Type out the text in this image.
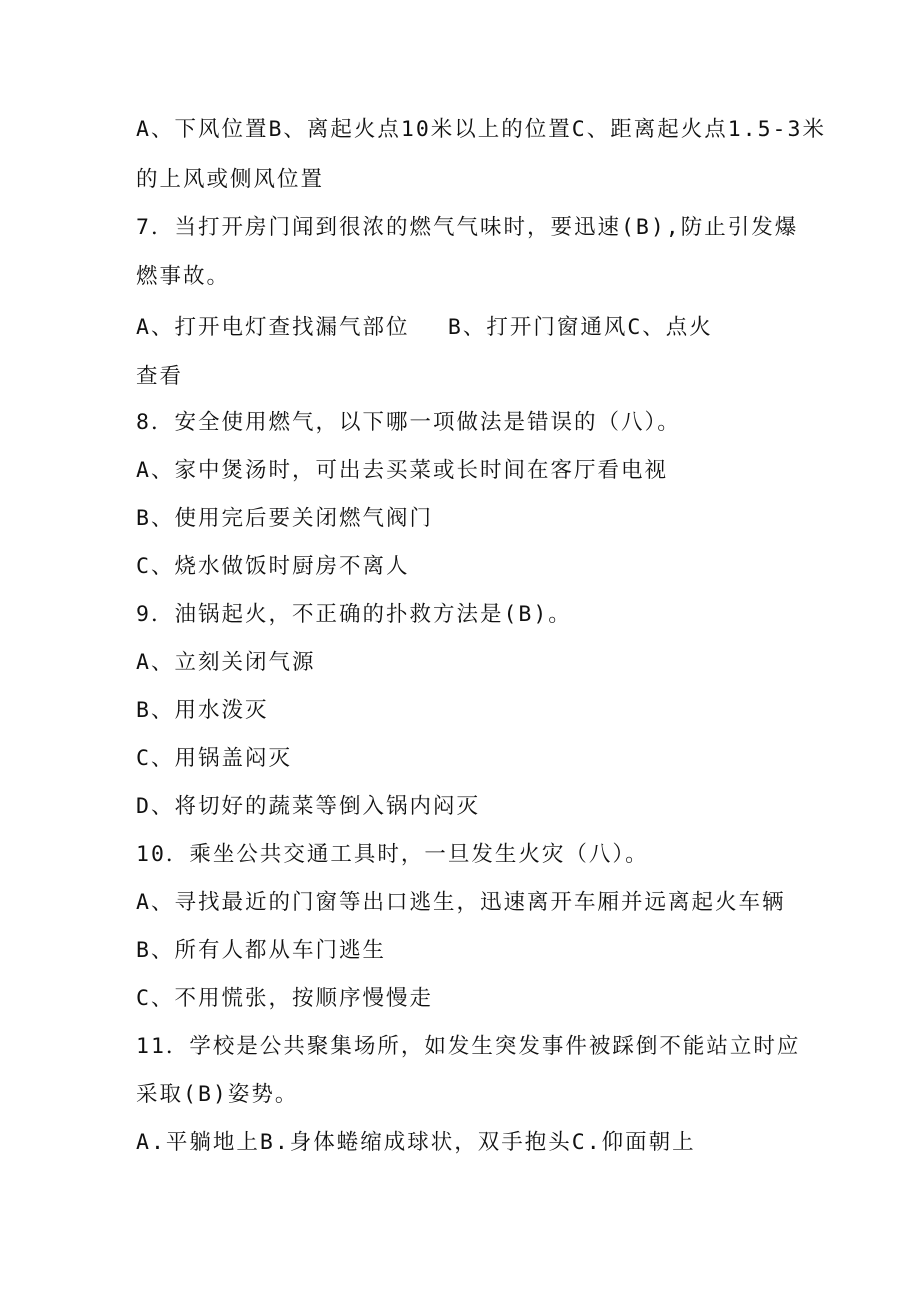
A、下风位置B、离起火点10米以上的位置C、距离起火点1.5-3米
的上风或侧风位置
7．当打开房门闻到很浓的燃气气味时，要迅速(B),防止引发爆
燃事故。
A、打开电灯查找漏气部位　 B、打开门窗通风C、点火
查看
8．安全使用燃气，以下哪一项做法是错误的（八）。
A、家中煲汤时，可出去买菜或长时间在客厅看电视
B、使用完后要关闭燃气阀门
C、烧水做饭时厨房不离人
9．油锅起火，不正确的扑救方法是(B)。
A、立刻关闭气源
B、用水泼灭
C、用锅盖闷灭
D、将切好的蔬菜等倒入锅内闷灭
10．乘坐公共交通工具时，一旦发生火灾（八）。
A、寻找最近的门窗等出口逃生，迅速离开车厢并远离起火车辆
B、所有人都从车门逃生
C、不用慌张，按顺序慢慢走
11．学校是公共聚集场所，如发生突发事件被踩倒不能站立时应
采取(B)姿势。
A.平躺地上B.身体蜷缩成球状，双手抱头C.仰面朝上
